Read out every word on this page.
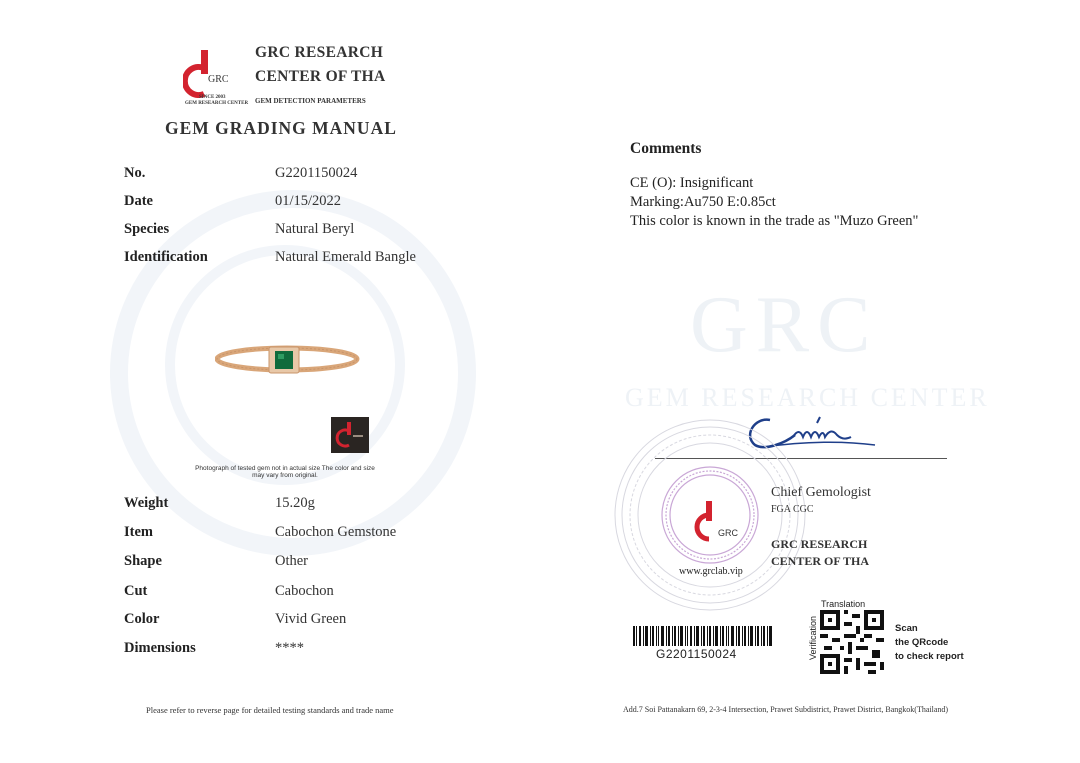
GRC
GEM RESEARCH CENTER
GRC
SINCE 2003
GEM RESEARCH CENTER
GRC RESEARCH
CENTER OF THA
GEM DETECTION PARAMETERS
GEM GRADING MANUAL
No.	G2201150024
Date	01/15/2022
Species	Natural Beryl
Identification	Natural Emerald Bangle
Photograph of tested gem not in actual size The color and size may vary from original.
Weight	15.20g
Item	Cabochon Gemstone
Shape	Other
Cut	Cabochon
Color	Vivid Green
Dimensions	****
Please refer to reverse page for detailed testing standards and trade name
Comments
CE (O): Insignificant
Marking:Au750 E:0.85ct
This color is known in the trade as "Muzo Green"
GRC
www.grclab.vip
Chief Gemologist
FGA CGC
GRC RESEARCH
CENTER OF THA
G2201150024
Translation
Verification	Scan
the QRcode
to check report
Add.7 Soi Pattanakarn 69, 2-3-4 Intersection, Prawet Subdistrict, Prawet District, Bangkok(Thailand)
